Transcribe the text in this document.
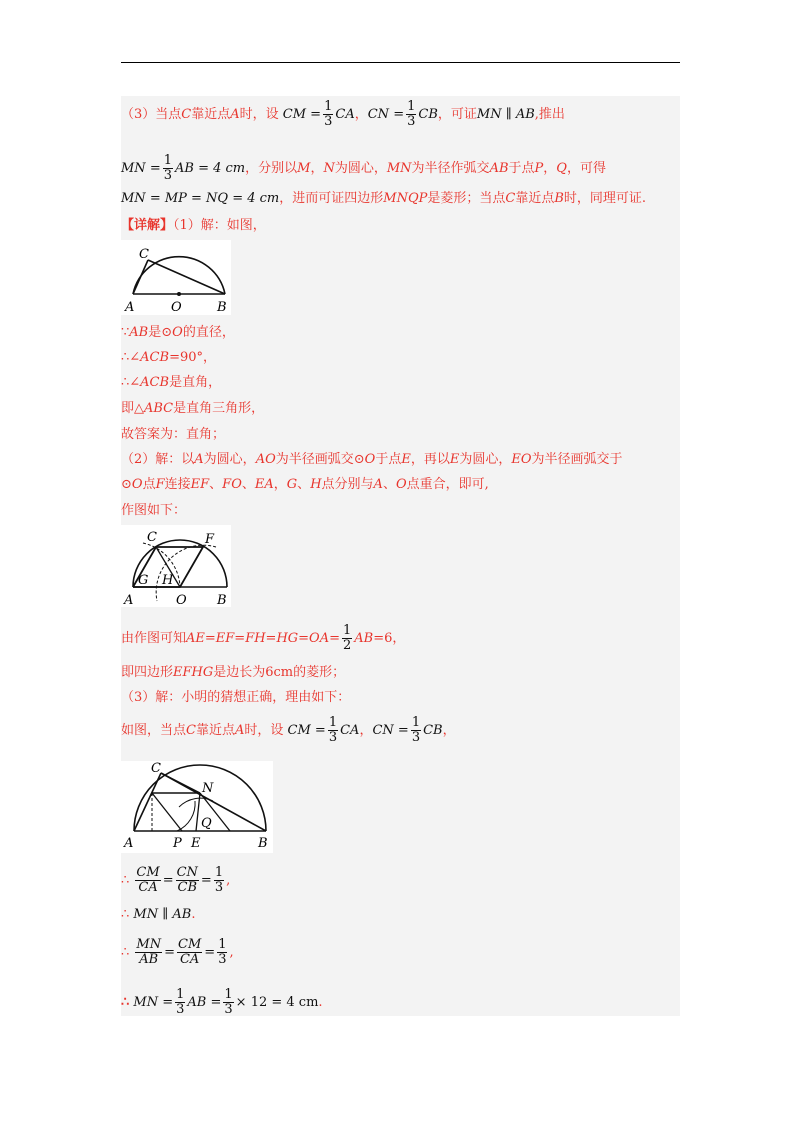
（3）当点C靠近点A时，设 CM = $\frac{1}{3}$ CA，CN = $\frac{1}{3}$ CB，可证MN ∥ AB,推出
MN = $\frac{1}{3}$ AB = 4 cm，分别以M，N为圆心，MN为半径作弧交AB于点P，Q，可得
MN = MP = NQ = 4 cm，进而可证四边形MNQP是菱形；当点C靠近点B时，同理可证.
【详解】（1）解：如图，
C
A	O	B
∵AB是⊙O的直径，
∴∠ACB=90°，
∴∠ACB是直角，
即△ABC是直角三角形，
故答案为：直角；
（2）解：以A为圆心，AO为半径画弧交⊙O于点E，再以E为圆心，EO为半径画弧交于
⊙O点F连接EF、FO、EA，G、H点分别与A、O点重合，即可,
作图如下：
C	F
G H
A	O B
由作图可知$AE=EF=FH=HG=OA= \frac{1}{2} AB=6$，
即四边形EFHG是边长为6cm的菱形；
（3）解：小明的猜想正确，理由如下：
如图，当点C靠近点A时，设 CM = $\frac{1}{3}$ CA，CN = $\frac{1}{3}$ CB，
C
N
Q
A	P E	B
∴ $\frac{CM}{CA} = \frac{CN}{CB} = \frac{1}{3}$ ,
∴ MN ∥ AB.
∴ $\frac{MN}{AB} = \frac{CM}{CA} = \frac{1}{3}$ ,
∴ MN = $\frac{1}{3}$ AB = $\frac{1}{3} \times 12 = 4$ cm.
